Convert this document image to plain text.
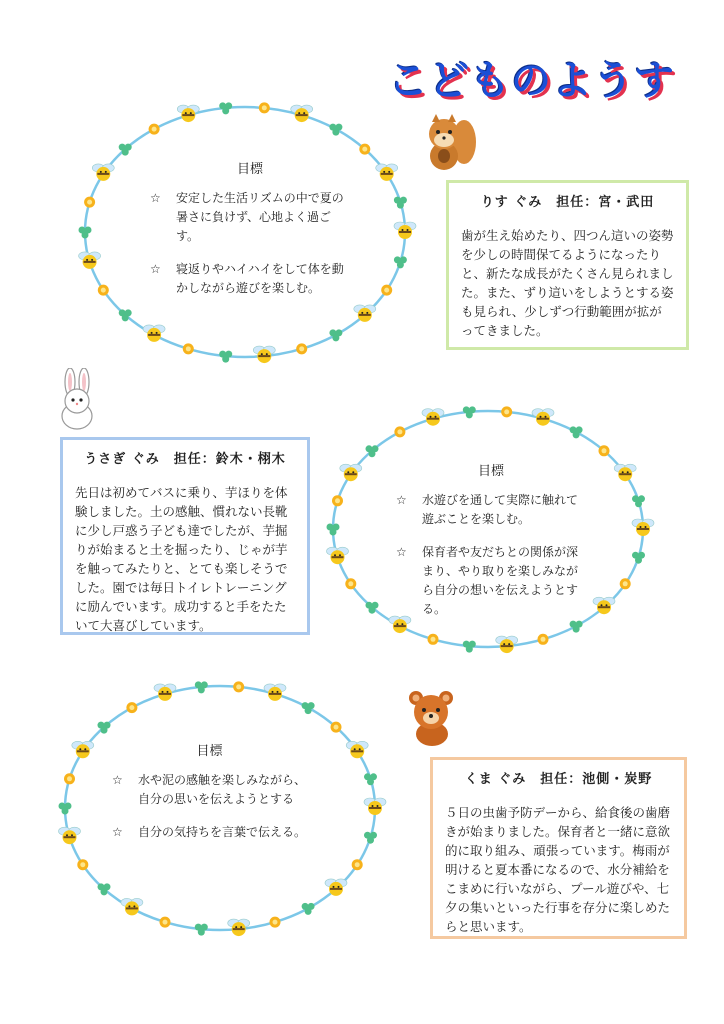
こどものようす
目標
☆	安定した生活リズムの中で夏の暑さに負けず、心地よく過ごす。
☆	寝返りやハイハイをして体を動かしながら遊びを楽しむ。
りす ぐみ　担任：宮・武田
歯が生え始めたり、四つん這いの姿勢を少しの時間保てるようになったりと、新たな成長がたくさん見られました。また、ずり這いをしようとする姿も見られ、少しずつ行動範囲が拡がってきました。
うさぎ ぐみ　担任：鈴木・栩木
先日は初めてバスに乗り、芋ほりを体験しました。土の感触、慣れない長靴に少し戸惑う子ども達でしたが、芋掘りが始まると土を掘ったり、じゃが芋を触ってみたりと、とても楽しそうでした。園では毎日トイレトレーニングに励んでいます。成功すると手をたたいて大喜びしています。
目標
☆	水遊びを通して実際に触れて遊ぶことを楽しむ。
☆	保育者や友だちとの関係が深まり、やり取りを楽しみながら自分の想いを伝えようとする。
目標
☆	水や泥の感触を楽しみながら、自分の思いを伝えようとする
☆	自分の気持ちを言葉で伝える。
くま ぐみ　担任：池側・炭野
５日の虫歯予防デーから、給食後の歯磨きが始まりました。保育者と一緒に意欲的に取り組み、頑張っています。梅雨が明けると夏本番になるので、水分補給をこまめに行いながら、プール遊びや、七夕の集いといった行事を存分に楽しめたらと思います。
